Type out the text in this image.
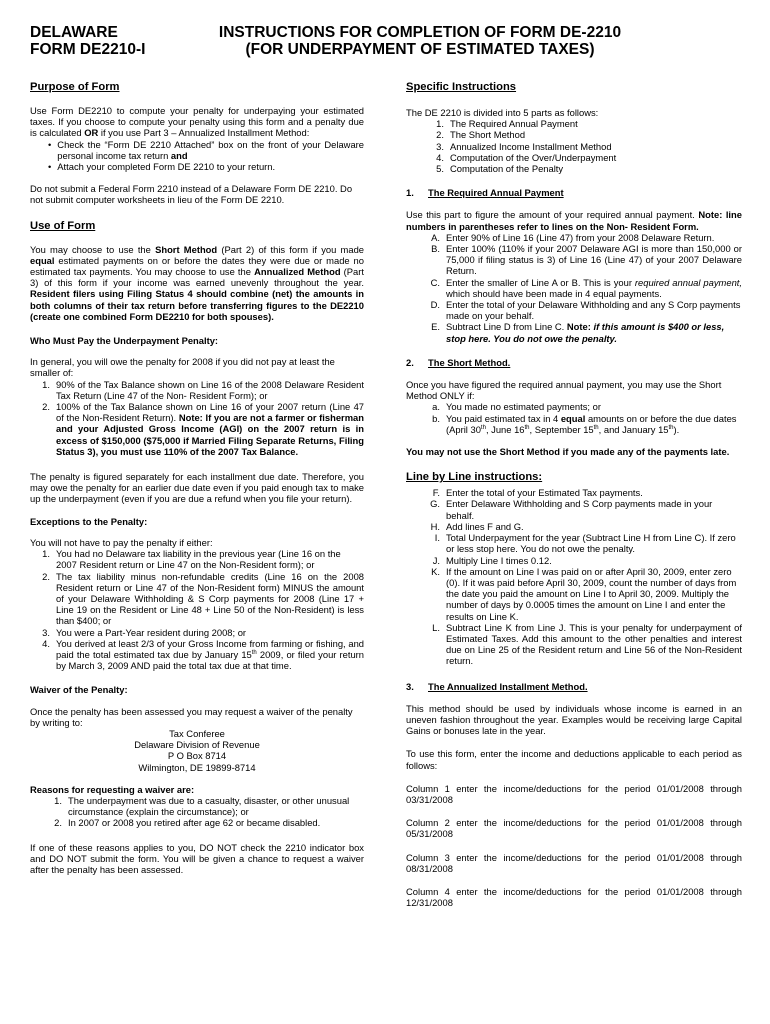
DELAWARE
FORM DE2210-I
INSTRUCTIONS FOR COMPLETION OF FORM DE-2210
(FOR UNDERPAYMENT OF ESTIMATED TAXES)
Purpose of Form

Use Form DE2210 to compute your penalty for underpaying your estimated taxes. If you choose to compute your penalty using this form and a penalty due is calculated OR if you use Part 3 – Annualized Installment Method:

• Check the “Form DE 2210 Attached” box on the front of your Delaware personal income tax return and
• Attach your completed Form DE 2210 to your return.

Do not submit a Federal Form 2210 instead of a Delaware Form DE 2210. Do not submit computer worksheets in lieu of the Form DE 2210.

Use of Form

You may choose to use the Short Method (Part 2) of this form if you made equal estimated payments on or before the dates they were due or made no estimated tax payments. You may choose to use the Annualized Method (Part 3) of this form if your income was earned unevenly throughout the year. Resident filers using Filing Status 4 should combine (net) the amounts in both columns of their tax return before transferring figures to the DE2210 (create one combined Form DE2210 for both spouses).

Who Must Pay the Underpayment Penalty:

In general, you will owe the penalty for 2008 if you did not pay at least the smaller of:

1. 90% of the Tax Balance shown on Line 16 of the 2008 Delaware Resident Tax Return (Line 47 of the Non- Resident Form); or
2. 100% of the Tax Balance shown on Line 16 of your 2007 return (Line 47 of the Non-Resident Return). Note: If you are not a farmer or fisherman and your Adjusted Gross Income (AGI) on the 2007 return is in excess of $150,000 ($75,000 if Married Filing Separate Returns, Filing Status 3), you must use 110% of the 2007 Tax Balance.

The penalty is figured separately for each installment due date. Therefore, you may owe the penalty for an earlier due date even if you paid enough tax to make up the underpayment (even if you are due a refund when you file your return).

Exceptions to the Penalty:

You will not have to pay the penalty if either:

1. You had no Delaware tax liability in the previous year (Line 16 on the 2007 Resident return or Line 47 on the Non-Resident form); or
2. The tax liability minus non-refundable credits (Line 16 on the 2008 Resident return or Line 47 of the Non-Resident form) MINUS the amount of your Delaware Withholding & S Corp payments for 2008 (Line 17 + Line 19 on the Resident or Line 48 + Line 50 of the Non-Resident) is less than $400; or
3. You were a Part-Year resident during 2008; or
4. You derived at least 2/3 of your Gross Income from farming or fishing, and paid the total estimated tax due by January 15th 2009, or filed your return by March 3, 2009 AND paid the total tax due at that time.
Waiver of the Penalty:

Once the penalty has been assessed you may request a waiver of the penalty by writing to:

Tax Conferee

Delaware Division of Revenue

P O Box 8714

Wilmington, DE 19899-8714

Reasons for requesting a waiver are:
1. The underpayment was due to a casualty, disaster, or other unusual circumstance (explain the circumstance); or
2. In 2007 or 2008 you retired after age 62 or became disabled.

If one of these reasons applies to you, DO NOT check the 2210 indicator box and DO NOT submit the form. You will be given a chance to request a waiver after the penalty has been assessed.

Specific Instructions

The DE 2210 is divided into 5 parts as follows:

1. The Required Annual Payment
2. The Short Method
3. Annualized Income Installment Method
4. Computation of the Over/Underpayment
5. Computation of the Penalty
1.	The Required Annual Payment

Use this part to figure the amount of your required annual payment. Note: line numbers in parentheses refer to lines on the Non- Resident Form.

A. Enter 90% of Line 16 (Line 47) from your 2008 Delaware Return.
B. Enter 100% (110% if your 2007 Delaware AGI is more than 150,000 or 75,000 if filing status is 3) of Line 16 (Line 47) of your 2007 Delaware Return.
C. Enter the smaller of Line A or B. This is your required annual payment, which should have been made in 4 equal payments.
D. Enter the total of your Delaware Withholding and any S Corp payments made on your behalf.
E. Subtract Line D from Line C. Note: if this amount is $400 or less, stop here. You do not owe the penalty.
2.	The Short Method.

Once you have figured the required annual payment, you may use the Short Method ONLY if:

a. You made no estimated payments; or
b. You paid estimated tax in 4 equal amounts on or before the due dates (April 30th, June 16th, September 15th, and January 15th).

You may not use the Short Method if you made any of the payments late.

Line by Line instructions:
F. Enter the total of your Estimated Tax payments.
G. Enter Delaware Withholding and S Corp payments made in your behalf.
H. Add lines F and G.
I. Total Underpayment for the year (Subtract Line H from Line C). If zero or less stop here. You do not owe the penalty.
J. Multiply Line I times 0.12.
K. If the amount on Line I was paid on or after April 30, 2009, enter zero (0). If it was paid before April 30, 2009, count the number of days from the date you paid the amount on Line I to April 30, 2009. Multiply the number of days by 0.0005 times the amount on Line I and enter the results on Line K.
L. Subtract Line K from Line J. This is your penalty for underpayment of Estimated Taxes. Add this amount to the other penalties and interest due on Line 25 of the Resident return and Line 56 of the Non-Resident return.
3.	The Annualized Installment Method.

This method should be used by individuals whose income is earned in an uneven fashion throughout the year. Examples would be receiving large Capital Gains or bonuses late in the year.

To use this form, enter the income and deductions applicable to each period as follows:

Column 1 enter the income/deductions for the period 01/01/2008 through 03/31/2008

Column 2 enter the income/deductions for the period 01/01/2008 through 05/31/2008

Column 3 enter the income/deductions for the period 01/01/2008 through 08/31/2008

Column 4 enter the income/deductions for the period 01/01/2008 through 12/31/2008
